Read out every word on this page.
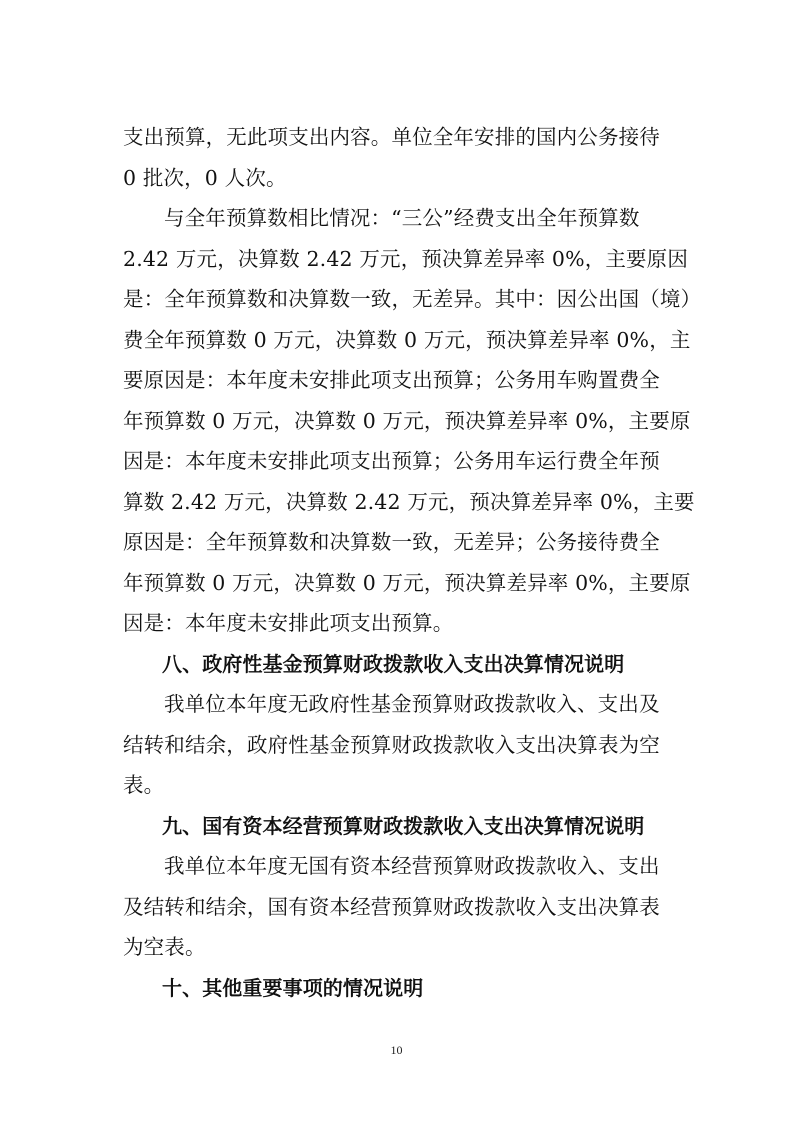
支出预算，无此项支出内容。单位全年安排的国内公务接待
0 批次，0 人次。
与全年预算数相比情况：“三公”经费支出全年预算数
2.42 万元，决算数 2.42 万元，预决算差异率 0%，主要原因
是：全年预算数和决算数一致，无差异。其中：因公出国（境）
费全年预算数 0 万元，决算数 0 万元，预决算差异率 0%，主
要原因是：本年度未安排此项支出预算；公务用车购置费全
年预算数 0 万元，决算数 0 万元，预决算差异率 0%，主要原
因是：本年度未安排此项支出预算；公务用车运行费全年预
算数 2.42 万元，决算数 2.42 万元，预决算差异率 0%，主要
原因是：全年预算数和决算数一致，无差异；公务接待费全
年预算数 0 万元，决算数 0 万元，预决算差异率 0%，主要原
因是：本年度未安排此项支出预算。
八、政府性基金预算财政拨款收入支出决算情况说明
我单位本年度无政府性基金预算财政拨款收入、支出及
结转和结余，政府性基金预算财政拨款收入支出决算表为空
表。
九、国有资本经营预算财政拨款收入支出决算情况说明
我单位本年度无国有资本经营预算财政拨款收入、支出
及结转和结余，国有资本经营预算财政拨款收入支出决算表
为空表。
十、其他重要事项的情况说明
10
